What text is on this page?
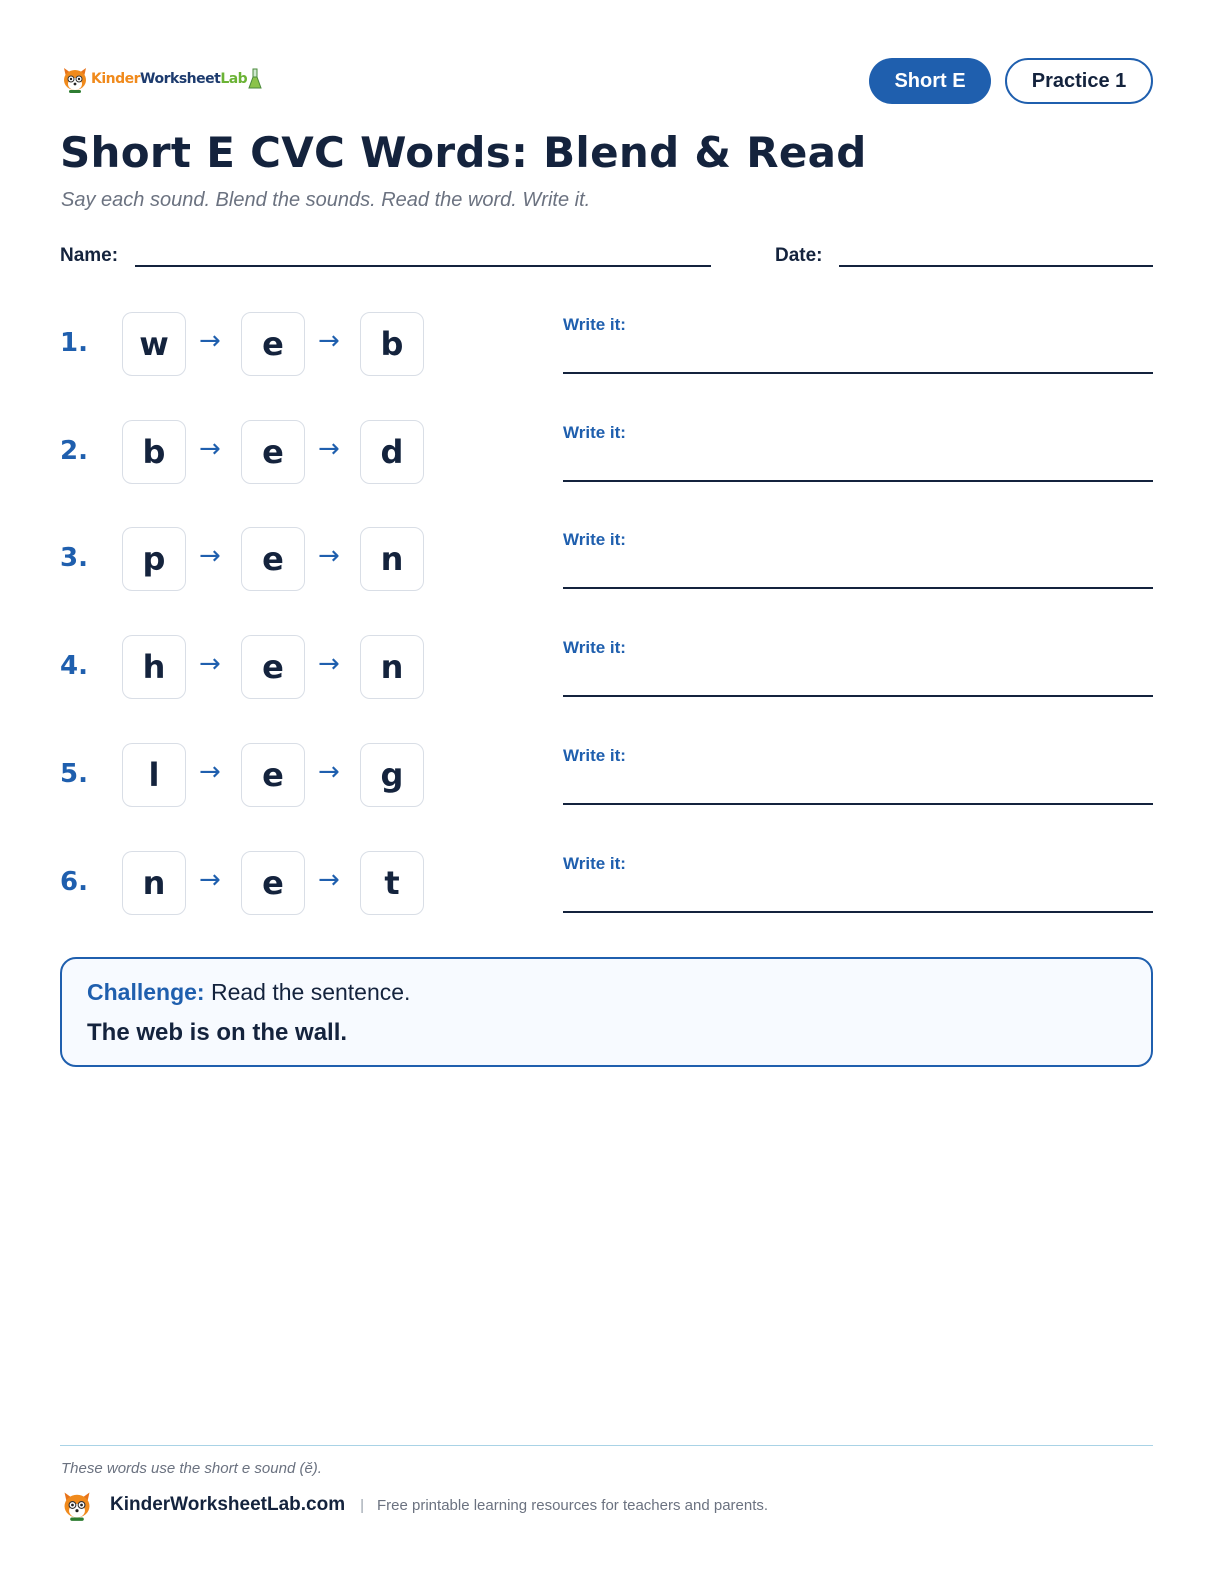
KinderWorksheetLab	Short E	Practice 1
Short E CVC Words: Blend & Read
Say each sound. Blend the sounds. Read the word. Write it.
Name:	Date:
1.	w	→	e	→	b
Write it:
2.	b	→	e	→	d
Write it:
3.	p	→	e	→	n
Write it:
4.	h	→	e	→	n
Write it:
5.	l	→	e	→	g
Write it:
6.	n	→	e	→	t
Write it:
Challenge: Read the sentence.
The web is on the wall.
These words use the short e sound (ĕ).
KinderWorksheetLab.com | Free printable learning resources for teachers and parents.
